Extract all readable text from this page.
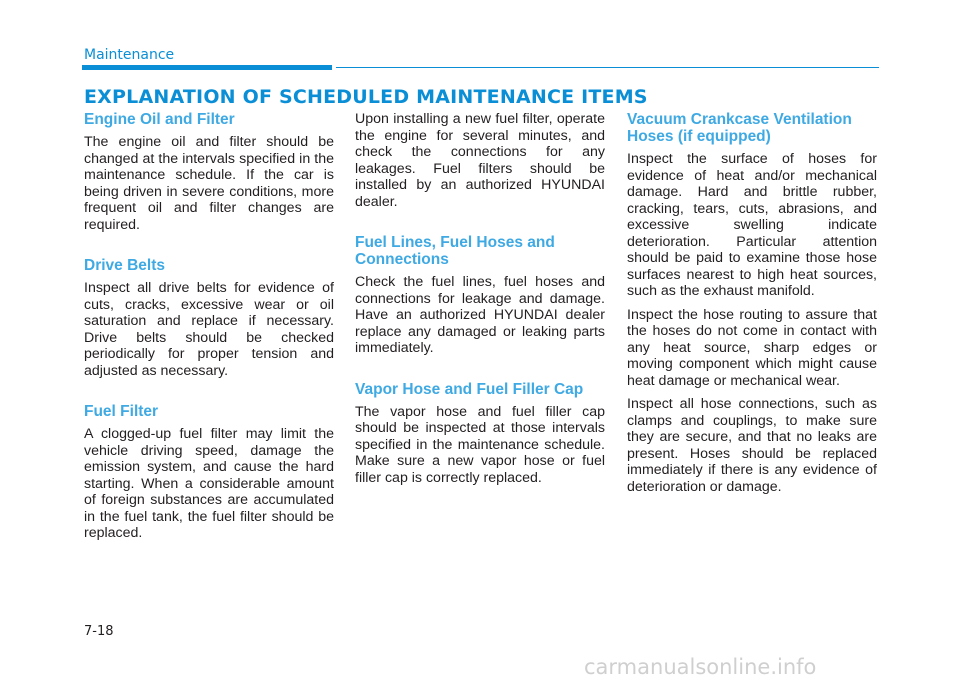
Maintenance
EXPLANATION OF SCHEDULED MAINTENANCE ITEMS
Engine Oil and Filter

The engine oil and filter should be changed at the intervals specified in the maintenance schedule. If the car is being driven in severe conditions, more frequent oil and filter changes are required.

Drive Belts

Inspect all drive belts for evidence of cuts, cracks, excessive wear or oil saturation and replace if necessary. Drive belts should be checked periodically for proper tension and adjusted as necessary.

Fuel Filter

A clogged-up fuel filter may limit the vehicle driving speed, damage the emission system, and cause the hard starting. When a considerable amount of foreign substances are accumulated in the fuel tank, the fuel filter should be replaced.

Upon installing a new fuel filter, operate the engine for several minutes, and check the connections for any leakages. Fuel filters should be installed by an authorized HYUNDAI dealer.

Fuel Lines, Fuel Hoses and Connections

Check the fuel lines, fuel hoses and connections for leakage and damage. Have an authorized HYUNDAI dealer replace any damaged or leaking parts immediately.

Vapor Hose and Fuel Filler Cap

The vapor hose and fuel filler cap should be inspected at those intervals specified in the maintenance schedule. Make sure a new vapor hose or fuel filler cap is correctly replaced.

Vacuum Crankcase Ventilation Hoses (if equipped)

Inspect the surface of hoses for evidence of heat and/or mechanical damage. Hard and brittle rubber, cracking, tears, cuts, abrasions, and excessive swelling indicate deterioration. Particular attention should be paid to examine those hose surfaces nearest to high heat sources, such as the exhaust manifold.

Inspect the hose routing to assure that the hoses do not come in contact with any heat source, sharp edges or moving component which might cause heat damage or mechanical wear.

Inspect all hose connections, such as clamps and couplings, to make sure they are secure, and that no leaks are present. Hoses should be replaced immediately if there is any evidence of deterioration or damage.

7-18
carmanualsonline.info
